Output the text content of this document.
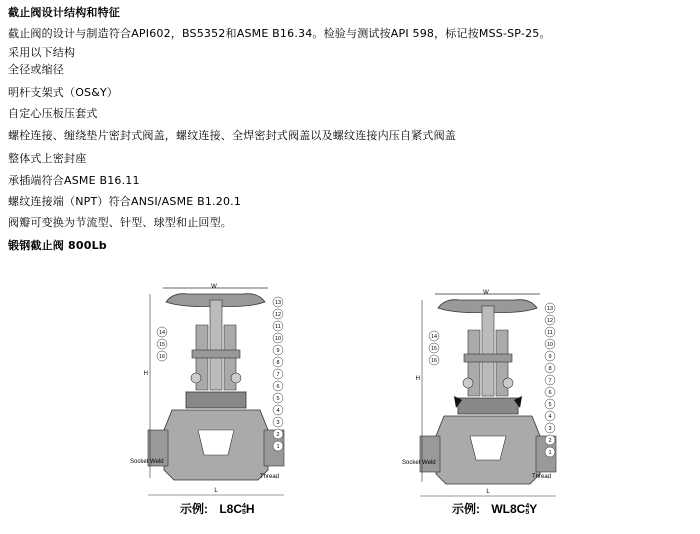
截止阀设计结构和特征
截止阀的设计与制造符合API602，BS5352和ASME B16.34。检验与测试按API 598，标记按MSS-SP-25。
采用以下结构
全径或缩径
明杆支架式（OS&Y）
自定心压板压套式
螺栓连接、缠绕垫片密封式阀盖，螺纹连接、全焊密封式阀盖以及螺纹连接内压自紧式阀盖
整体式上密封座
承插端符合ASME B16.11
螺纹连接端（NPT）符合ANSI/ASME B1.20.1
阀瓣可变换为节流型、针型、球型和止回型。
锻钢截止阀 800Lb
W
H
L
Socket Weld
Thread
13
12
11
10
9
8
7
6
5
4
3
2
1
14
15
16
W
H
L
Socket Weld
Thread
13
12
11
10
9
8
7
6
5
4
3
2
1
14
15
16
示例: L8C 4
5 H	示例: WL8C 4
5 Y
